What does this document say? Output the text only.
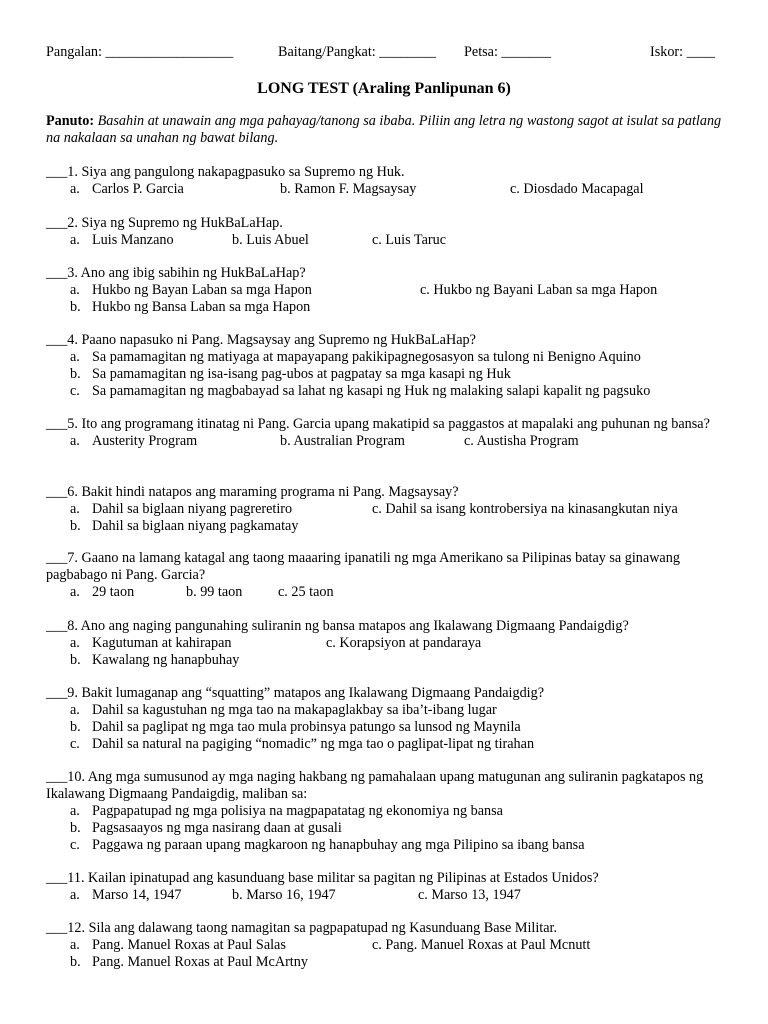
Pangalan: __________________	Baitang/Pangkat: ________ Petsa: _______	Iskor: ____
LONG TEST (Araling Panlipunan 6)
Panuto: Basahin at unawain ang mga pahayag/tanong sa ibaba. Piliin ang letra ng wastong sagot at isulat sa patlang na nakalaan sa unahan ng bawat bilang.
___1. Siya ang pangulong nakapagpasuko sa Supremo ng Huk.
a. Carlos P. Garcia	b. Ramon F. Magsaysay	c. Diosdado Macapagal
___2. Siya ng Supremo ng HukBaLaHap.
a. Luis Manzano	b. Luis Abuel	c. Luis Taruc
___3. Ano ang ibig sabihin ng HukBaLaHap?
a. Hukbo ng Bayan Laban sa mga Hapon	c. Hukbo ng Bayani Laban sa mga Hapon
b. Hukbo ng Bansa Laban sa mga Hapon
___4. Paano napasuko ni Pang. Magsaysay ang Supremo ng HukBaLaHap?
a. Sa pamamagitan ng matiyaga at mapayapang pakikipagnegosasyon sa tulong ni Benigno Aquino
b. Sa pamamagitan ng isa-isang pag-ubos at pagpatay sa mga kasapi ng Huk
c. Sa pamamagitan ng magbabayad sa lahat ng kasapi ng Huk ng malaking salapi kapalit ng pagsuko
___5. Ito ang programang itinatag ni Pang. Garcia upang makatipid sa paggastos at mapalaki ang puhunan ng bansa?
a. Austerity Program	b. Australian Program	c. Austisha Program
___6. Bakit hindi natapos ang maraming programa ni Pang. Magsaysay?
a. Dahil sa biglaan niyang pagreretiro	c. Dahil sa isang kontrobersiya na kinasangkutan niya
b. Dahil sa biglaan niyang pagkamatay
___7. Gaano na lamang katagal ang taong maaaring ipanatili ng mga Amerikano sa Pilipinas batay sa ginawang pagbabago ni Pang. Garcia?
a. 29 taon	b. 99 taon	c. 25 taon
___8. Ano ang naging pangunahing suliranin ng bansa matapos ang Ikalawang Digmaang Pandaigdig?
a. Kagutuman at kahirapan	c. Korapsiyon at pandaraya
b. Kawalang ng hanapbuhay
___9. Bakit lumaganap ang “squatting” matapos ang Ikalawang Digmaang Pandaigdig?
a. Dahil sa kagustuhan ng mga tao na makapaglakbay sa iba’t-ibang lugar
b. Dahil sa paglipat ng mga tao mula probinsya patungo sa lunsod ng Maynila
c. Dahil sa natural na pagiging “nomadic” ng mga tao o paglipat-lipat ng tirahan
___10. Ang mga sumusunod ay mga naging hakbang ng pamahalaan upang matugunan ang suliranin pagkatapos ng Ikalawang Digmaang Pandaigdig, maliban sa:
a. Pagpapatupad ng mga polisiya na magpapatatag ng ekonomiya ng bansa
b. Pagsasaayos ng mga nasirang daan at gusali
c. Paggawa ng paraan upang magkaroon ng hanapbuhay ang mga Pilipino sa ibang bansa
___11. Kailan ipinatupad ang kasunduang base militar sa pagitan ng Pilipinas at Estados Unidos?
a. Marso 14, 1947	b. Marso 16, 1947	c. Marso 13, 1947
___12. Sila ang dalawang taong namagitan sa pagpapatupad ng Kasunduang Base Militar.
a. Pang. Manuel Roxas at Paul Salas	c. Pang. Manuel Roxas at Paul Mcnutt
b. Pang. Manuel Roxas at Paul McArtny
